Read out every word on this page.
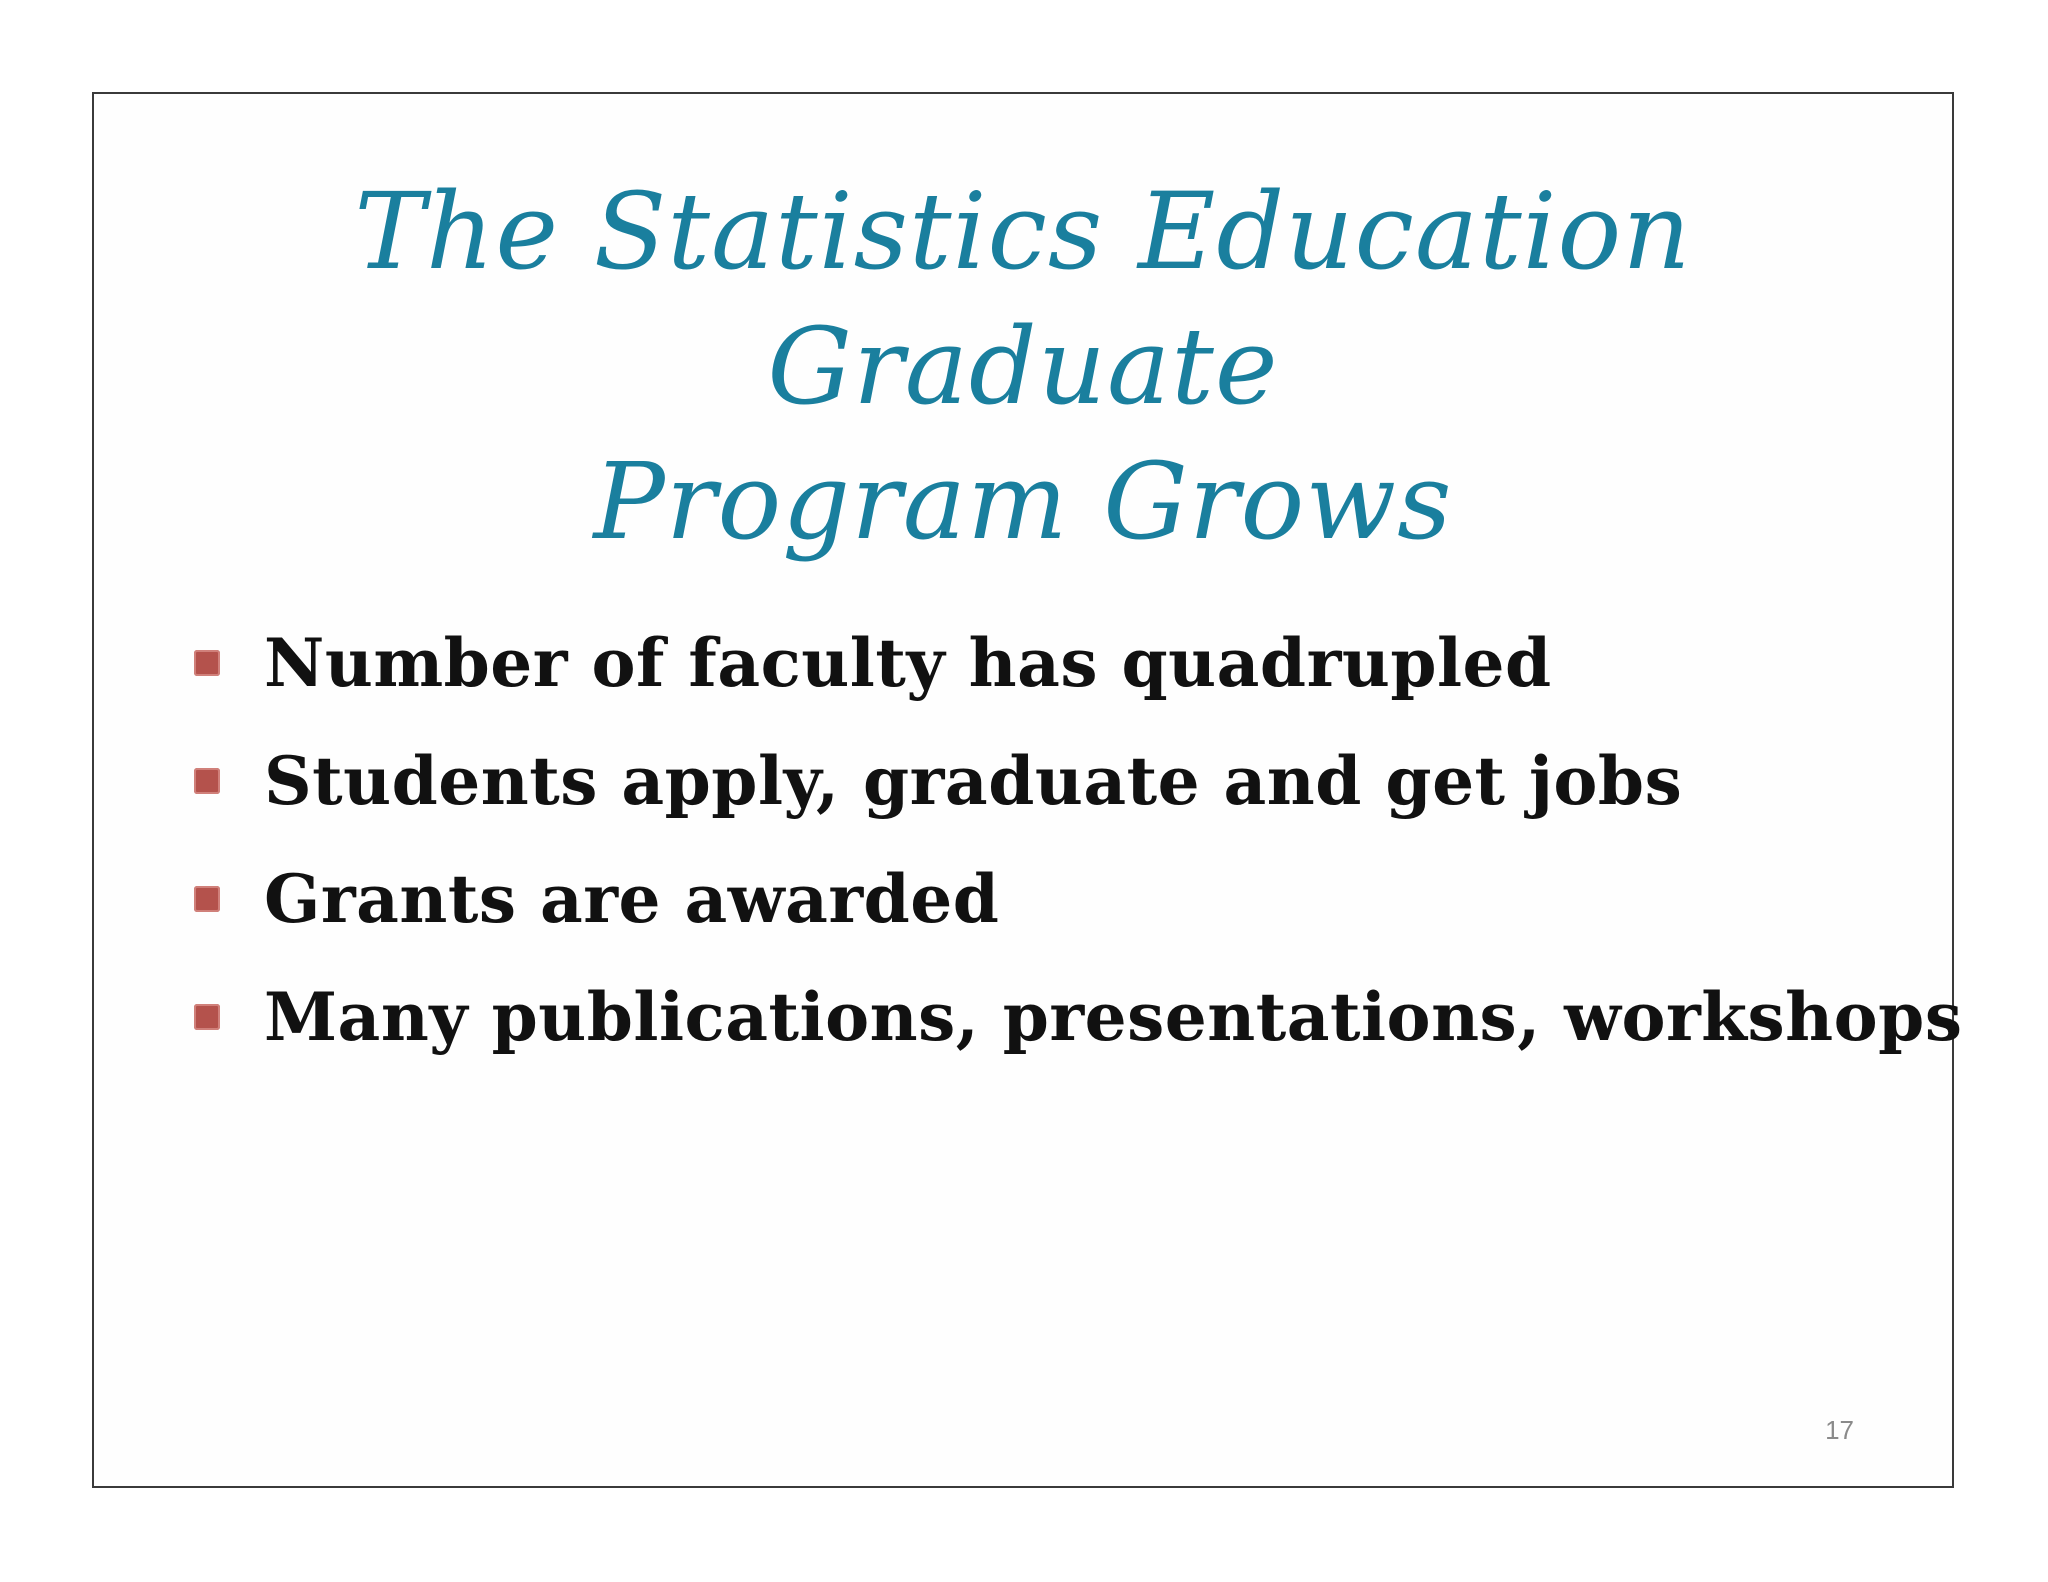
The Statistics Education Graduate
Program Grows
Number of faculty has quadrupled
Students apply, graduate and get jobs
Grants are awarded
Many publications, presentations, workshops
17
